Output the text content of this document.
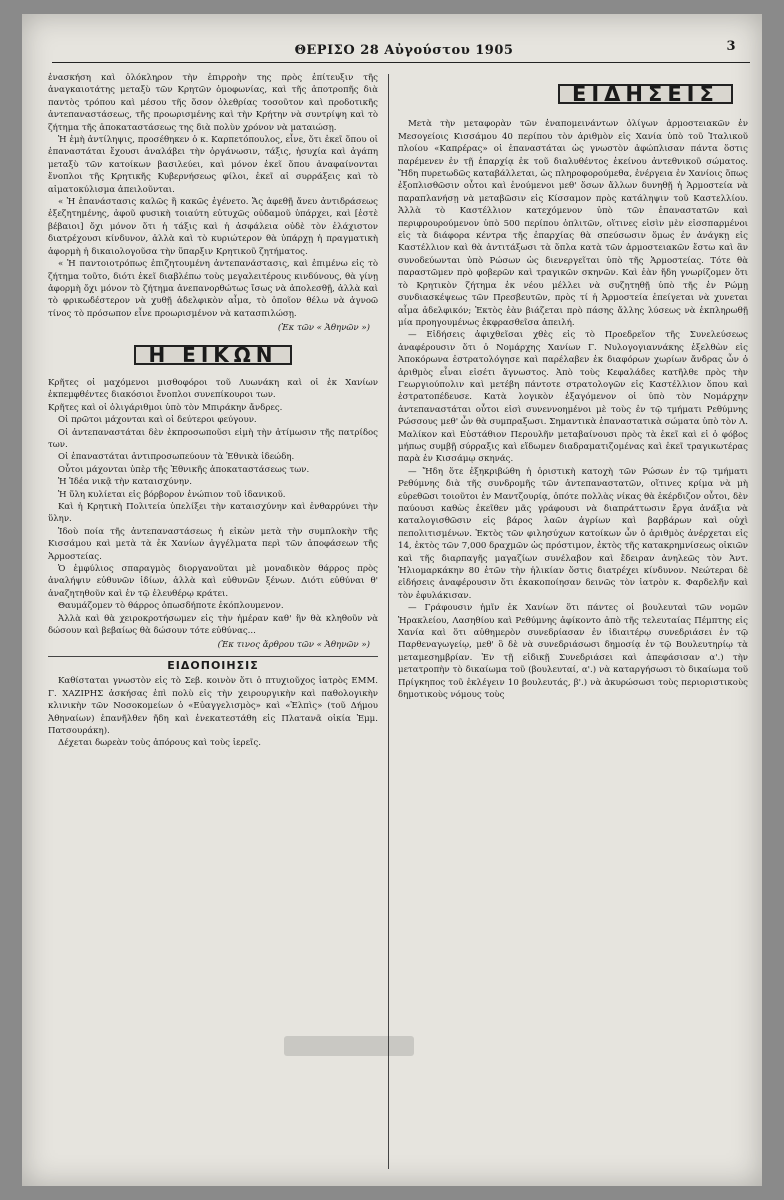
ΘΕΡΙΣΟ 28 Αὐγούστου 1905	3

ἐνασκήση καὶ ὁλόκληρον τὴν ἐπιρροὴν της πρὸς ἐπίτευξιν τῆς ἀναγκαιοτάτης μεταξὺ τῶν Κρητῶν ὁμοφωνίας, καὶ τῆς ἀποτροπῆς διὰ παντὸς τρόπου καὶ μέσου τῆς ὅσον ὀλεθρίας τοσοῦτον καὶ προδοτικῆς ἀντεπαναστάσεως, τῆς προωρισμένης καὶ τὴν Κρήτην νὰ συντρίψη καὶ τὸ ζήτημα τῆς ἀποκαταστάσεως της διὰ πολὺν χρόνον νὰ ματαιώσῃ.

Ἡ ἐμὴ ἀντίληψις, προσέθηκεν ὁ κ. Καρπετόπουλος, εἶνε, ὅτι ἐκεῖ ὅπου οἱ ἐπαναστάται ἔχουσι ἀναλάβει τὴν ὀργάνωσιν, τάξις, ἡσυχία καὶ ἀγάπη μεταξὺ τῶν κατοίκων βασιλεύει, καὶ μόνον ἐκεῖ ὅπου ἀναφαίνονται ἔνοπλοι τῆς Κρητικῆς Κυβερνήσεως φίλοι, ἐκεῖ αἱ συρράξεις καὶ τὸ αἱματοκύλισμα ἀπειλοῦνται.

« Ἡ ἐπανάστασις καλῶς ἢ κακῶς ἐγένετο. Ἄς ἀφεθῇ ἄνευ ἀντιδράσεως ἐξεζητημένης, ἀφοῦ φυσικὴ τοιαύτη εὐτυχῶς οὐδαμοῦ ὑπάρχει, καὶ [ἐστὲ βέβαιοι] ὄχι μόνον ὅτι ἡ τάξις καὶ ἡ ἀσφάλεια οὐδὲ τὸν ἐλάχιστον διατρέχουσι κίνδυνον, ἀλλὰ καὶ τὸ κυριώτερον θὰ ὑπάρχῃ ἡ πραγματικὴ ἀφορμὴ ἡ δικαιολογοῦσα τὴν ὕπαρξιν Κρητικοῦ ζητήματος.

« Ἡ παντοιοτρόπως ἐπιζητουμένη ἀντεπανάστασις, καὶ ἐπιμένω εἰς τὸ ζήτημα τοῦτο, διότι ἐκεῖ διαβλέπω τοὺς μεγαλειτέρους κινδύνους, θὰ γίνῃ ἀφορμὴ ὄχι μόνον τὸ ζήτημα ἀνεπανορθώτως ἴσως νὰ ἀπολεσθῇ, ἀλλὰ καὶ τὸ φρικωδέστερον νὰ χυθῇ ἀδελφικὸν αἷμα, τὸ ὁποῖον θέλω νὰ ἀγνοῶ τίνος τὸ πρόσωπον εἶνε προωρισμένον νὰ κατασπιλώσῃ.

(Ἐκ τῶν « Ἀθηνῶν »)
Η ΕΙΚΩΝ

Κρῆτες οἱ μαχόμενοι μισθοφόροι τοῦ Λυωνάκη καὶ οἱ ἐκ Χανίων ἐκπεμφθέντες διακόσιοι ἔνοπλοι συνεπίκουροι των.

Κρῆτες καὶ οἱ ὀλιγάριθμοι ὑπὸ τὸν Μπιράκην ἄνδρες.

Οἱ πρῶτοι μάχονται καὶ οἱ δεύτεροι φεύγουν.

Οἱ ἀντεπαναστάται δὲν ἐκπροσωποῦσι εἰμὴ τὴν ἀτίμωσιν τῆς πατρίδος των.

Οἱ ἐπαναστάται ἀντιπροσωπεύουν τὰ Ἐθνικὰ ἰδεώδη.

Οὗτοι μάχονται ὑπὲρ τῆς Ἐθνικῆς ἀποκαταστάσεως των.

Ἡ Ἰδέα νικᾷ τὴν καταισχύνην.

Ἡ ὕλη κυλίεται εἰς βόρβορον ἐνώπιον τοῦ ἰδανικοῦ.

Καὶ ἡ Κρητικὴ Πολιτεία ὑπελίξει τὴν καταισχύνην καὶ ἐνθαρρύνει τὴν ὕλην.

Ἰδοὺ ποία τῆς ἀντεπαναστάσεως ἡ εἰκὼν μετὰ τὴν συμπλοκὴν τῆς Κισσάμου καὶ μετὰ τὰ ἐκ Χανίων ἀγγέλματα περὶ τῶν ἀποφάσεων τῆς Ἁρμοστείας.

Ὁ ἐμφύλιος σπαραγμὸς διοργανοῦται μὲ μοναδικὸν θάρρος πρὸς ἀναλήψιν εὐθυνῶν ἰδίων, ἀλλὰ καὶ εὐθυνῶν ξένων. Διότι εὐθύναι θ' ἀναζητηθοῦν καὶ ἐν τῷ ἐλευθέρῳ κράτει.

Θαυμάζομεν τὸ θάρρος ὁπωσδήποτε ἐκόπλουμενον.

Ἀλλὰ καὶ θὰ χειροκροτήσωμεν εἰς τὴν ἡμέραν καθ' ἣν θὰ κληθοῦν νὰ δώσουν καὶ βεβαίως θὰ δώσουν τότε εὐθύνας...

(Ἐκ τινος ἄρθρου τῶν « Ἀθηνῶν »)
ΕΙΔΟΠΟΙΗΣΙΣ

Καθίσταται γνωστὸν εἰς τὸ Σεβ. κοινὸν ὅτι ὁ πτυχιοῦχος ἰατρὸς ΕΜΜ. Γ. ΧΑΖΙΡΗΣ ἀσκήσας ἐπὶ πολὺ εἰς τὴν χειρουργικὴν καὶ παθολογικὴν κλινικὴν τῶν Νοσοκομείων ὁ «Εὐαγγελισμὸς» καὶ «Ἐλπὶς» (τοῦ Δήμου Ἀθηναίων) ἐπανῆλθεν ἤδη καὶ ἐνεκατεστάθη εἰς Πλατανᾶ οἰκία Ἐμμ. Πατσουράκη).

Δέχεται δωρεὰν τοὺς ἀπόρους καὶ τοὺς ἱερεῖς.

ΕΙΔΗΣΕΙΣ

Μετὰ τὴν μεταφορὰν τῶν ἐναπομεινάντων ὀλίγων ἁρμοστειακῶν ἐν Μεσογείοις Κισσάμου 40 περίπου τὸν ἀριθμὸν εἰς Χανία ὑπὸ τοῦ Ἰταλικοῦ πλοίου «Καπρέρας» οἱ ἐπαναστάται ὡς γνωστὸν ἀφώπλισαν πάντα ὅστις παρέμενεν ἐν τῇ ἐπαρχίᾳ ἐκ τοῦ διαλυθέντος ἐκείνου ἀντεθνικοῦ σώματος. Ἤδη πυρετωδῶς καταβάλλεται, ὡς πληροφορούμεθα, ἐνέργεια ἐν Χανίοις ὅπως ἐξοπλισθῶσιν οὗτοι καὶ ἑνούμενοι μεθ' ὅσων ἄλλων δυνηθῇ ἡ Ἁρμοστεία νὰ παραπλανήσῃ νὰ μεταβῶσιν εἰς Κίσσαμον πρὸς κατάληψιν τοῦ Καστελλίου. Ἀλλὰ τὸ Καστέλλιον κατεχόμενον ὑπὸ τῶν ἐπαναστατῶν καὶ περιφρουρούμενον ὑπὸ 500 περίπου ὁπλιτῶν, οἵτινες εἰσὶν μὲν εἰσσπαρμένοι εἰς τὰ διάφορα κέντρα τῆς ἐπαρχίας θὰ σπεύσωσιν ὅμως ἐν ἀνάγκῃ εἰς Καστέλλιον καὶ θὰ ἀντιτάξωσι τὰ ὅπλα κατὰ τῶν ἁρμοστειακῶν ἔστω καὶ ἂν συνοδεύωνται ὑπὸ Ρώσων ὡς διενεργεῖται ὑπὸ τῆς Ἁρμοστείας. Τότε θὰ παραστῶμεν πρὸ φοβερῶν καὶ τραγικῶν σκηνῶν. Καὶ ἐὰν ἤδη γνωρίζομεν ὅτι τὸ Κρητικὸν ζήτημα ἐκ νέου μέλλει νὰ συζητηθῇ ὑπὸ τῆς ἐν Ρώμῃ συνδιασκέψεως τῶν Πρεσβευτῶν, πρὸς τί ἡ Ἁρμοστεία ἐπείγεται νὰ χυνεται αἷμα ἀδελφικόν; Ἐκτὸς ἐὰν βιάζεται πρὸ πάσης ἄλλης λύσεως νὰ ἐκπληρωθῇ μία προηγουμένως ἐκφρασθεῖσα ἀπειλή.

— Εἰδήσεις ἀφιχθεῖσαι χθὲς εἰς τὸ Προεδρεῖον τῆς Συνελεύσεως ἀναφέρουσιν ὅτι ὁ Νομάρχης Χανίων Γ. Νυλογογιαννάκης ἐξελθὼν εἰς Ἀποκόρωνα ἐστρατολόγησε καὶ παρέλαβεν ἐκ διαφόρων χωρίων ἄνδρας ὧν ὁ ἀριθμὸς εἶναι εἰσέτι ἄγνωστος. Ἀπὸ τοὺς Κεφαλάδες κατῆλθε πρὸς τὴν Γεωργιούπολιν καὶ μετέβη πάντοτε στρατολογῶν εἰς Καστέλλιον ὅπου καὶ ἐστρατοπέδευσε. Κατὰ λογικὸν ἐξαγόμενον οἱ ὑπὸ τὸν Νομάρχην ἀντεπαναστάται οὗτοι εἰσὶ συνεννοημένοι μὲ τοὺς ἐν τῷ τμήματι Ρεθύμνης Ρώσσους μεθ' ὧν θὰ συμπραξωσι. Σημαντικὰ ἐπαναστατικὰ σώματα ὑπὸ τὸν Λ. Μαλίκον καὶ Εὐστάθιον Περουλῆν μεταβαίνουσι πρὸς τὰ ἐκεῖ καὶ εἰ ὁ φόβος μήπως συμβῇ σύρραξις καὶ εἴδωμεν διαδραματιζομένας καὶ ἐκεῖ τραγικωτέρας παρὰ ἐν Κισσάμῳ σκηνάς.

— Ἤδη ὅτε ἐξηκριβώθη ἡ ὁριστικὴ κατοχὴ τῶν Ρώσων ἐν τῷ τμήματι Ρεθύμνης διὰ τῆς συνδρομῆς τῶν ἀντεπαναστατῶν, οἵτινες κρίμα νὰ μὴ εὑρεθῶσι τοιοῦτοι ἐν Μαντζουρίᾳ, ὁπότε πολλὰς νίκας θὰ ἐκέρδιζον οὗτοι, δὲν παύουσι καθὼς ἐκεῖθεν μᾶς γράφουσι νὰ διαπράττωσιν ἔργα ἀνάξια νὰ καταλογισθῶσιν εἰς βάρος λαῶν ἀγρίων καὶ βαρβάρων καὶ οὐχὶ πεπολιτισμένων. Ἐκτὸς τῶν φιλησύχων κατοίκων ὧν ὁ ἀριθμὸς ἀνέρχεται εἰς 14, ἐκτὸς τῶν 7,000 δραχμῶν ὡς πρόστιμον, ἐκτὸς τῆς κατακρημνίσεως οἰκιῶν καὶ τῆς διαρπαγῆς μαγαζίων συνέλαβον καὶ ἔδειραν ἀνηλεῶς τὸν Ἀντ. Ἠλιομαρκάκην 80 ἐτῶν τὴν ἡλικίαν ὅστις διατρέχει κίνδυνον. Νεώτεραι δὲ εἰδήσεις ἀναφέρουσιν ὅτι ἐκακοποίησαν δεινῶς τὸν ἰατρὸν κ. Φαρδελῆν καὶ τὸν ἐφυλάκισαν.

— Γράφουσιν ἡμῖν ἐκ Χανίων ὅτι πάντες οἱ βουλευταὶ τῶν νομῶν Ἡρακλείου, Λασηθίου καὶ Ρεθύμνης ἀφίκοντο ἀπὸ τῆς τελευταίας Πέμπτης εἰς Χανία καὶ ὅτι αὐθημερὸν συνεδρίασαν ἐν ἰδιαιτέρῳ συνεδριάσει ἐν τῷ Παρθεναγωγείῳ, μεθ' ὃ δὲ νὰ συνεδριάσωσι δημοσίᾳ ἐν τῷ Βουλευτηρίῳ τὰ μεταμεσημβρίαν. Ἐν τῇ εἰδικῇ Συνεδριάσει καὶ ἀπεφάσισαν α'.) τὴν μετατροπὴν τὸ δικαίωμα τοῦ (βουλευταί, α'.) νὰ καταργήσωσι τὸ δικαίωμα τοῦ Πρίγκηπος τοῦ ἐκλέγειν 10 βουλευτάς, β'.) νὰ ἀκυρώσωσι τοὺς περιοριστικοὺς δημοτικοὺς νόμους τοὺς
